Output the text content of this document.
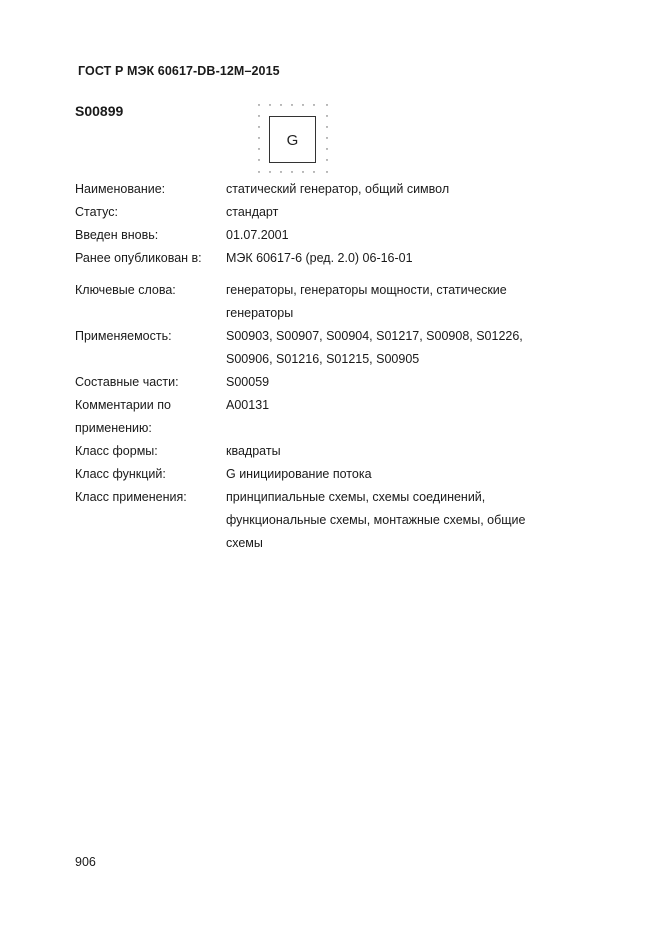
ГОСТ Р МЭК 60617-DB-12M–2015
S00899
G
Наименование:	статический генератор, общий символ
Статус:	стандарт
Введен вновь:	01.07.2001
Ранее опубликован в:	МЭК 60617-6 (ред. 2.0) 06-16-01
Ключевые слова:	генераторы, генераторы мощности, статические генераторы
Применяемость:	S00903, S00907, S00904, S01217, S00908, S01226, S00906, S01216, S01215, S00905
Составные части:	S00059
Комментарии по применению:
A00131
Класс формы:	квадраты
Класс функций:	G инициирование потока
Класс применения:	принципиальные схемы, схемы соединений, функциональные схемы, монтажные схемы, общие схемы
906
